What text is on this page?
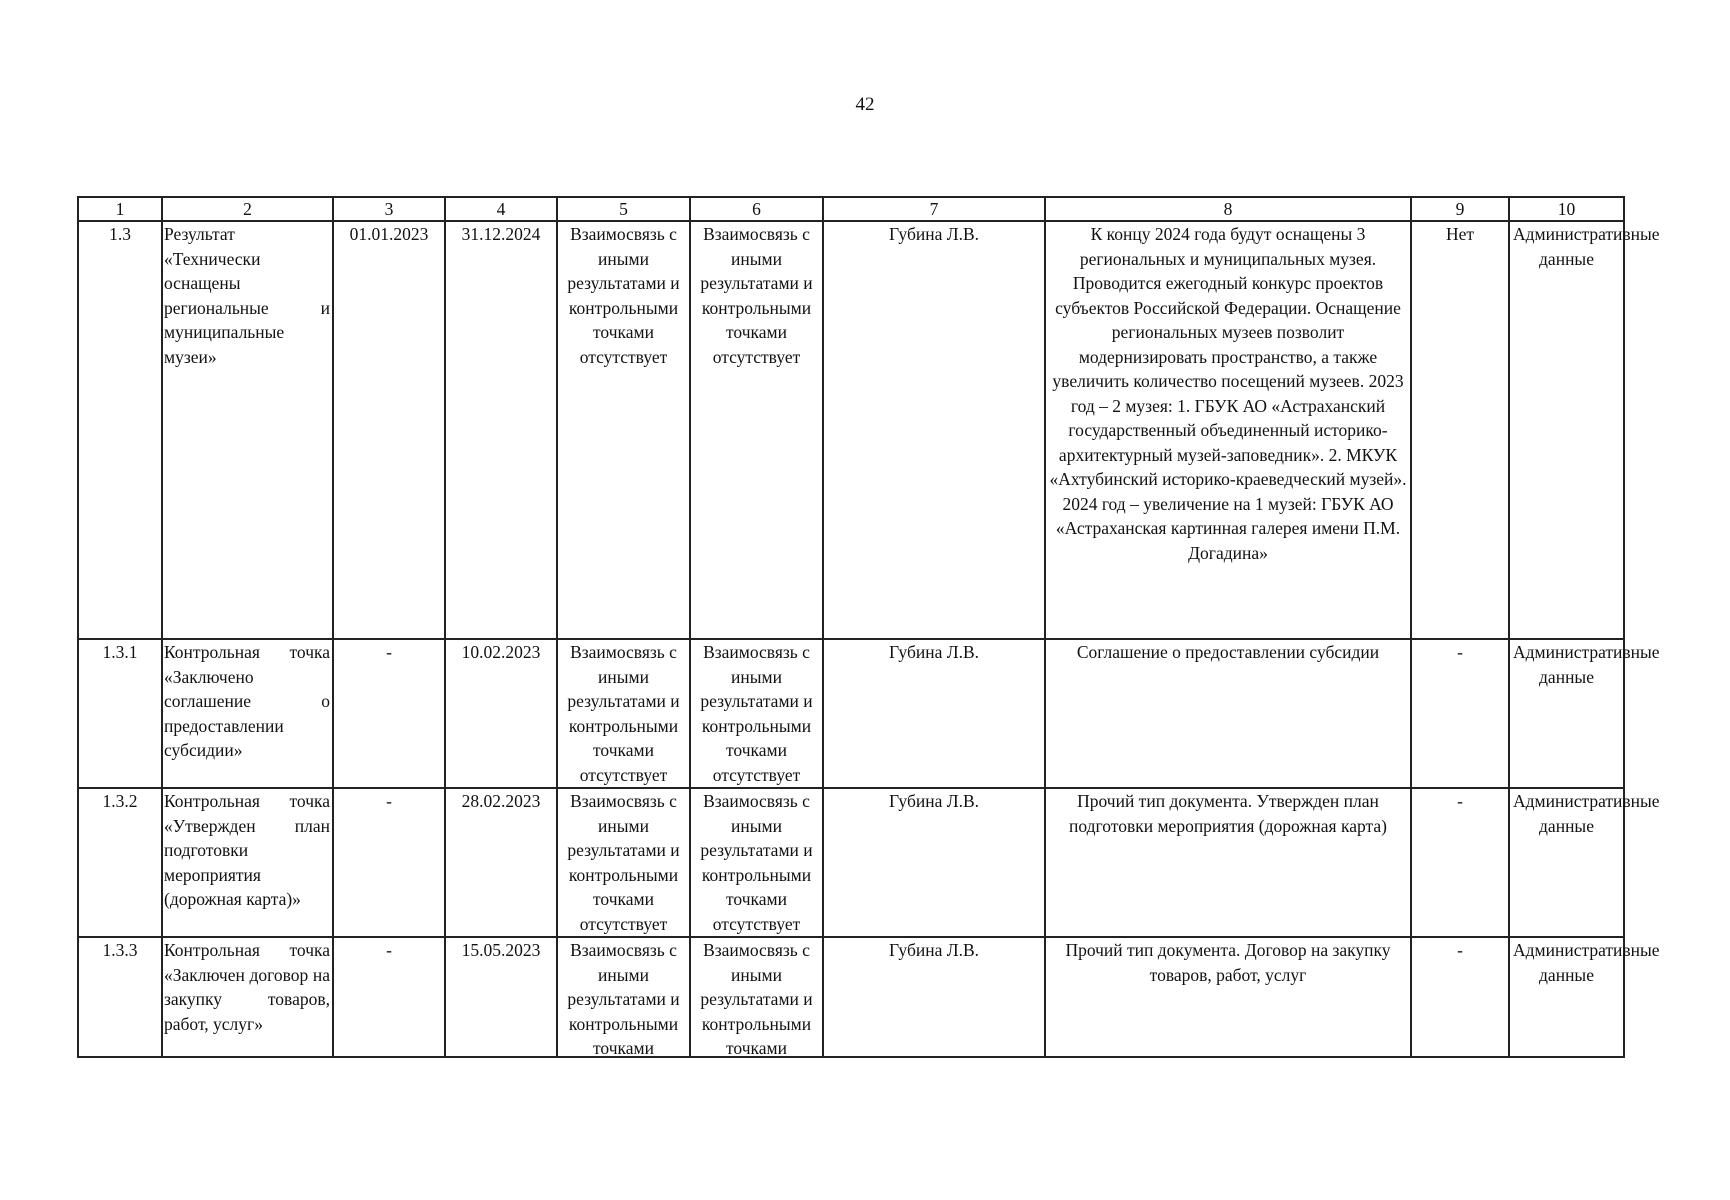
42
1	2	3	4	5	6	7	8	9	10
1.3	Результат «Технически оснащены региональные и муниципальные музеи»	01.01.2023	31.12.2024	Взаимосвязь с иными результатами и контрольными точками отсутствует	Взаимосвязь с иными результатами и контрольными точками отсутствует	Губина Л.В.	К концу 2024 года будут оснащены 3 региональных и муниципальных музея. Проводится ежегодный конкурс проектов субъектов Российской Федерации. Оснащение региональных музеев позволит модернизировать пространство, а также увеличить количество посещений музеев. 2023 год – 2 музея: 1. ГБУК АО «Астраханский государственный объединенный историко-архитектурный музей-заповедник». 2. МКУК «Ахтубинский историко-краеведческий музей». 2024 год – увеличение на 1 музей: ГБУК АО «Астраханская картинная галерея имени П.М. Догадина»	Нет	Административные данные
1.3.1	Контрольная точка «Заключено соглашение о предоставлении субсидии»	-	10.02.2023	Взаимосвязь с иными результатами и контрольными точками отсутствует	Взаимосвязь с иными результатами и контрольными точками отсутствует	Губина Л.В.	Соглашение о предоставлении субсидии	-	Административные данные
1.3.2	Контрольная точка «Утвержден план подготовки мероприятия (дорожная карта)»	-	28.02.2023	Взаимосвязь с иными результатами и контрольными точками отсутствует	Взаимосвязь с иными результатами и контрольными точками отсутствует	Губина Л.В.	Прочий тип документа. Утвержден план подготовки мероприятия (дорожная карта)	-	Административные данные
1.3.3	Контрольная точка «Заключен договор на закупку товаров, работ, услуг»	-	15.05.2023	Взаимосвязь с иными результатами и контрольными точками	Взаимосвязь с иными результатами и контрольными точками	Губина Л.В.	Прочий тип документа. Договор на закупку товаров, работ, услуг	-	Административные данные
